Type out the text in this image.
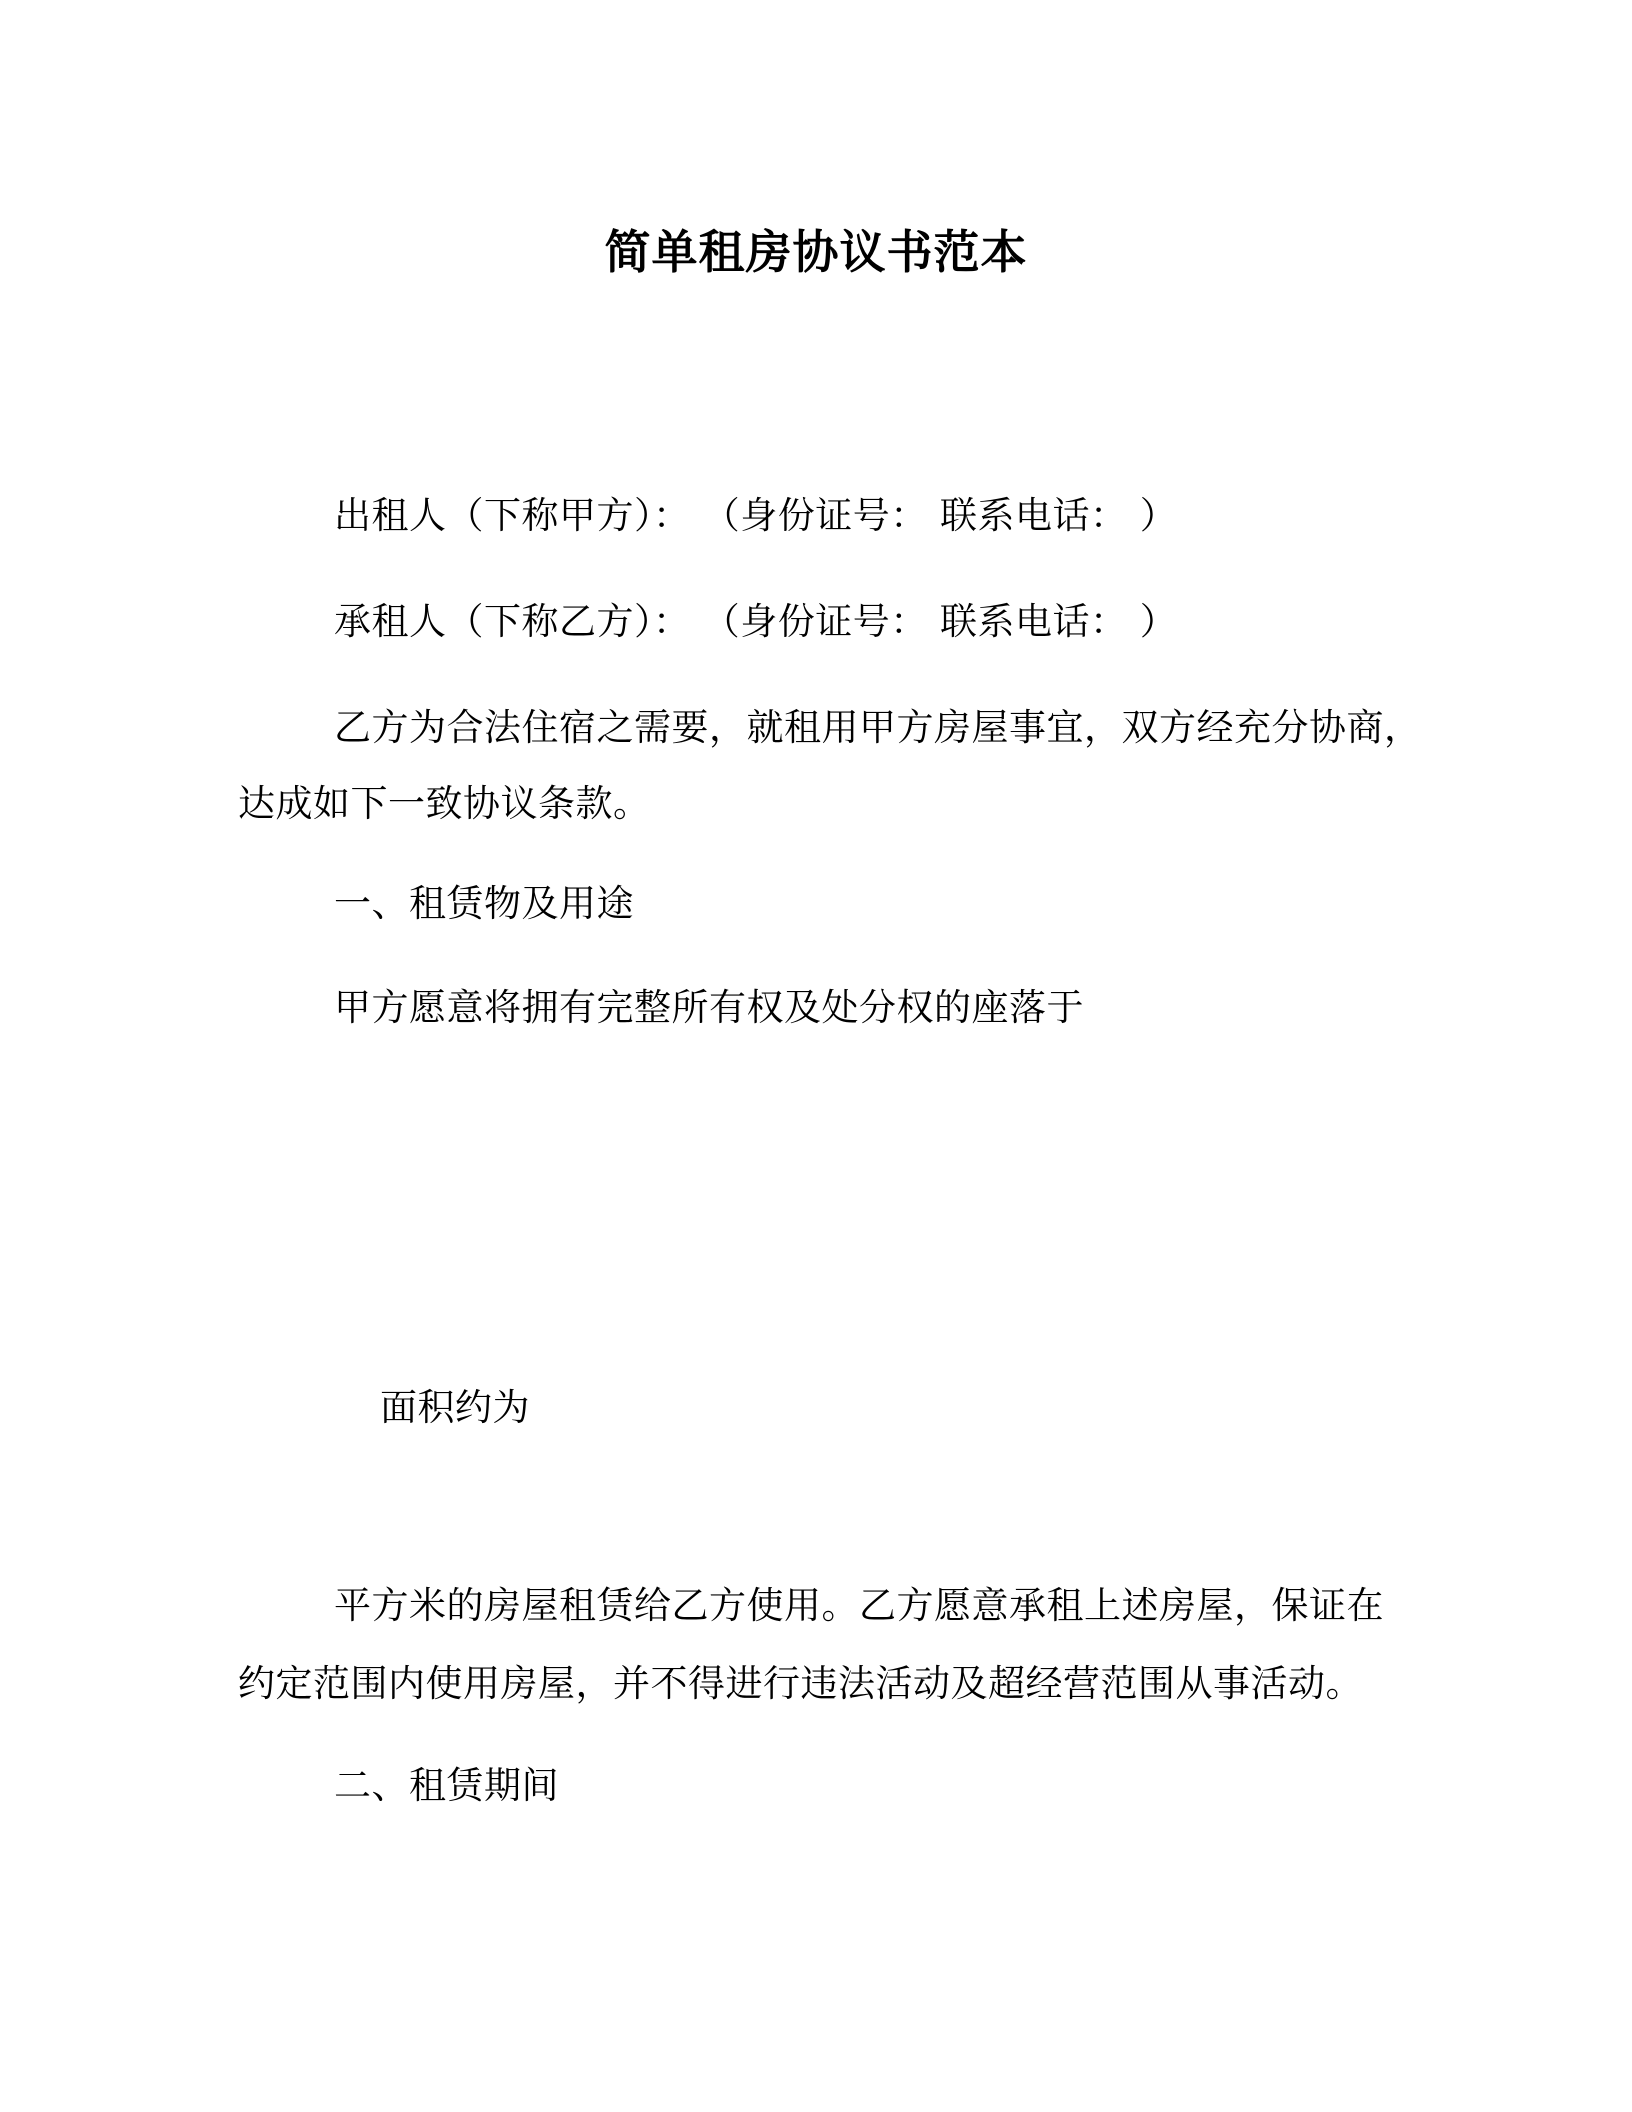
简单租房协议书范本
出租人（下称甲方）： （身份证号： 联系电话： ）
承租人（下称乙方）： （身份证号： 联系电话： ）
乙方为合法住宿之需要，就租用甲方房屋事宜，双方经充分协商，
达成如下一致协议条款。
一、租赁物及用途
甲方愿意将拥有完整所有权及处分权的座落于
面积约为
平方米的房屋租赁给乙方使用。乙方愿意承租上述房屋，保证在
约定范围内使用房屋，并不得进行违法活动及超经营范围从事活动。
二、租赁期间
